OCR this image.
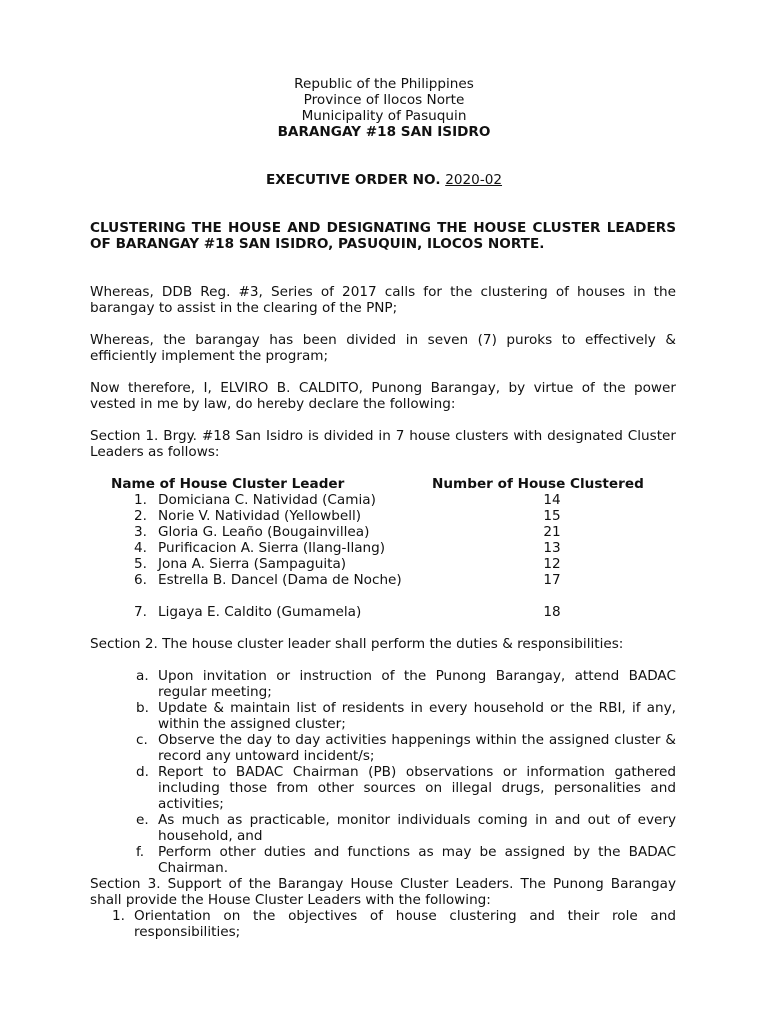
Republic of the Philippines
Province of Ilocos Norte
Municipality of Pasuquin
BARANGAY #18 SAN ISIDRO
EXECUTIVE ORDER NO. 2020-02
CLUSTERING THE HOUSE AND DESIGNATING THE HOUSE CLUSTER LEADERS OF BARANGAY #18 SAN ISIDRO, PASUQUIN, ILOCOS NORTE.
Whereas, DDB Reg. #3, Series of 2017 calls for the clustering of houses in the barangay to assist in the clearing of the PNP;
Whereas, the barangay has been divided in seven (7) puroks to effectively & efficiently implement the program;
Now therefore, I, ELVIRO B. CALDITO, Punong Barangay, by virtue of the power vested in me by law, do hereby declare the following:
Section 1. Brgy. #18 San Isidro is divided in 7 house clusters with designated Cluster Leaders as follows:
Name of House Cluster Leader	Number of House Clustered
1. Domiciana C. Natividad (Camia)	14
2. Norie V. Natividad (Yellowbell)	15
3. Gloria G. Leaño (Bougainvillea)	21
4. Purificacion A. Sierra (Ilang-Ilang)	13
5. Jona A. Sierra (Sampaguita)	12
6. Estrella B. Dancel (Dama de Noche)	17
7. Ligaya E. Caldito (Gumamela)	18
Section 2. The house cluster leader shall perform the duties & responsibilities:
a. Upon invitation or instruction of the Punong Barangay, attend BADAC regular meeting;
b. Update & maintain list of residents in every household or the RBI, if any, within the assigned cluster;
c. Observe the day to day activities happenings within the assigned cluster & record any untoward incident/s;
d. Report to BADAC Chairman (PB) observations or information gathered including those from other sources on illegal drugs, personalities and activities;
e. As much as practicable, monitor individuals coming in and out of every household, and
f. Perform other duties and functions as may be assigned by the BADAC Chairman.
Section 3. Support of the Barangay House Cluster Leaders. The Punong Barangay shall provide the House Cluster Leaders with the following:
1. Orientation on the objectives of house clustering and their role and responsibilities;
